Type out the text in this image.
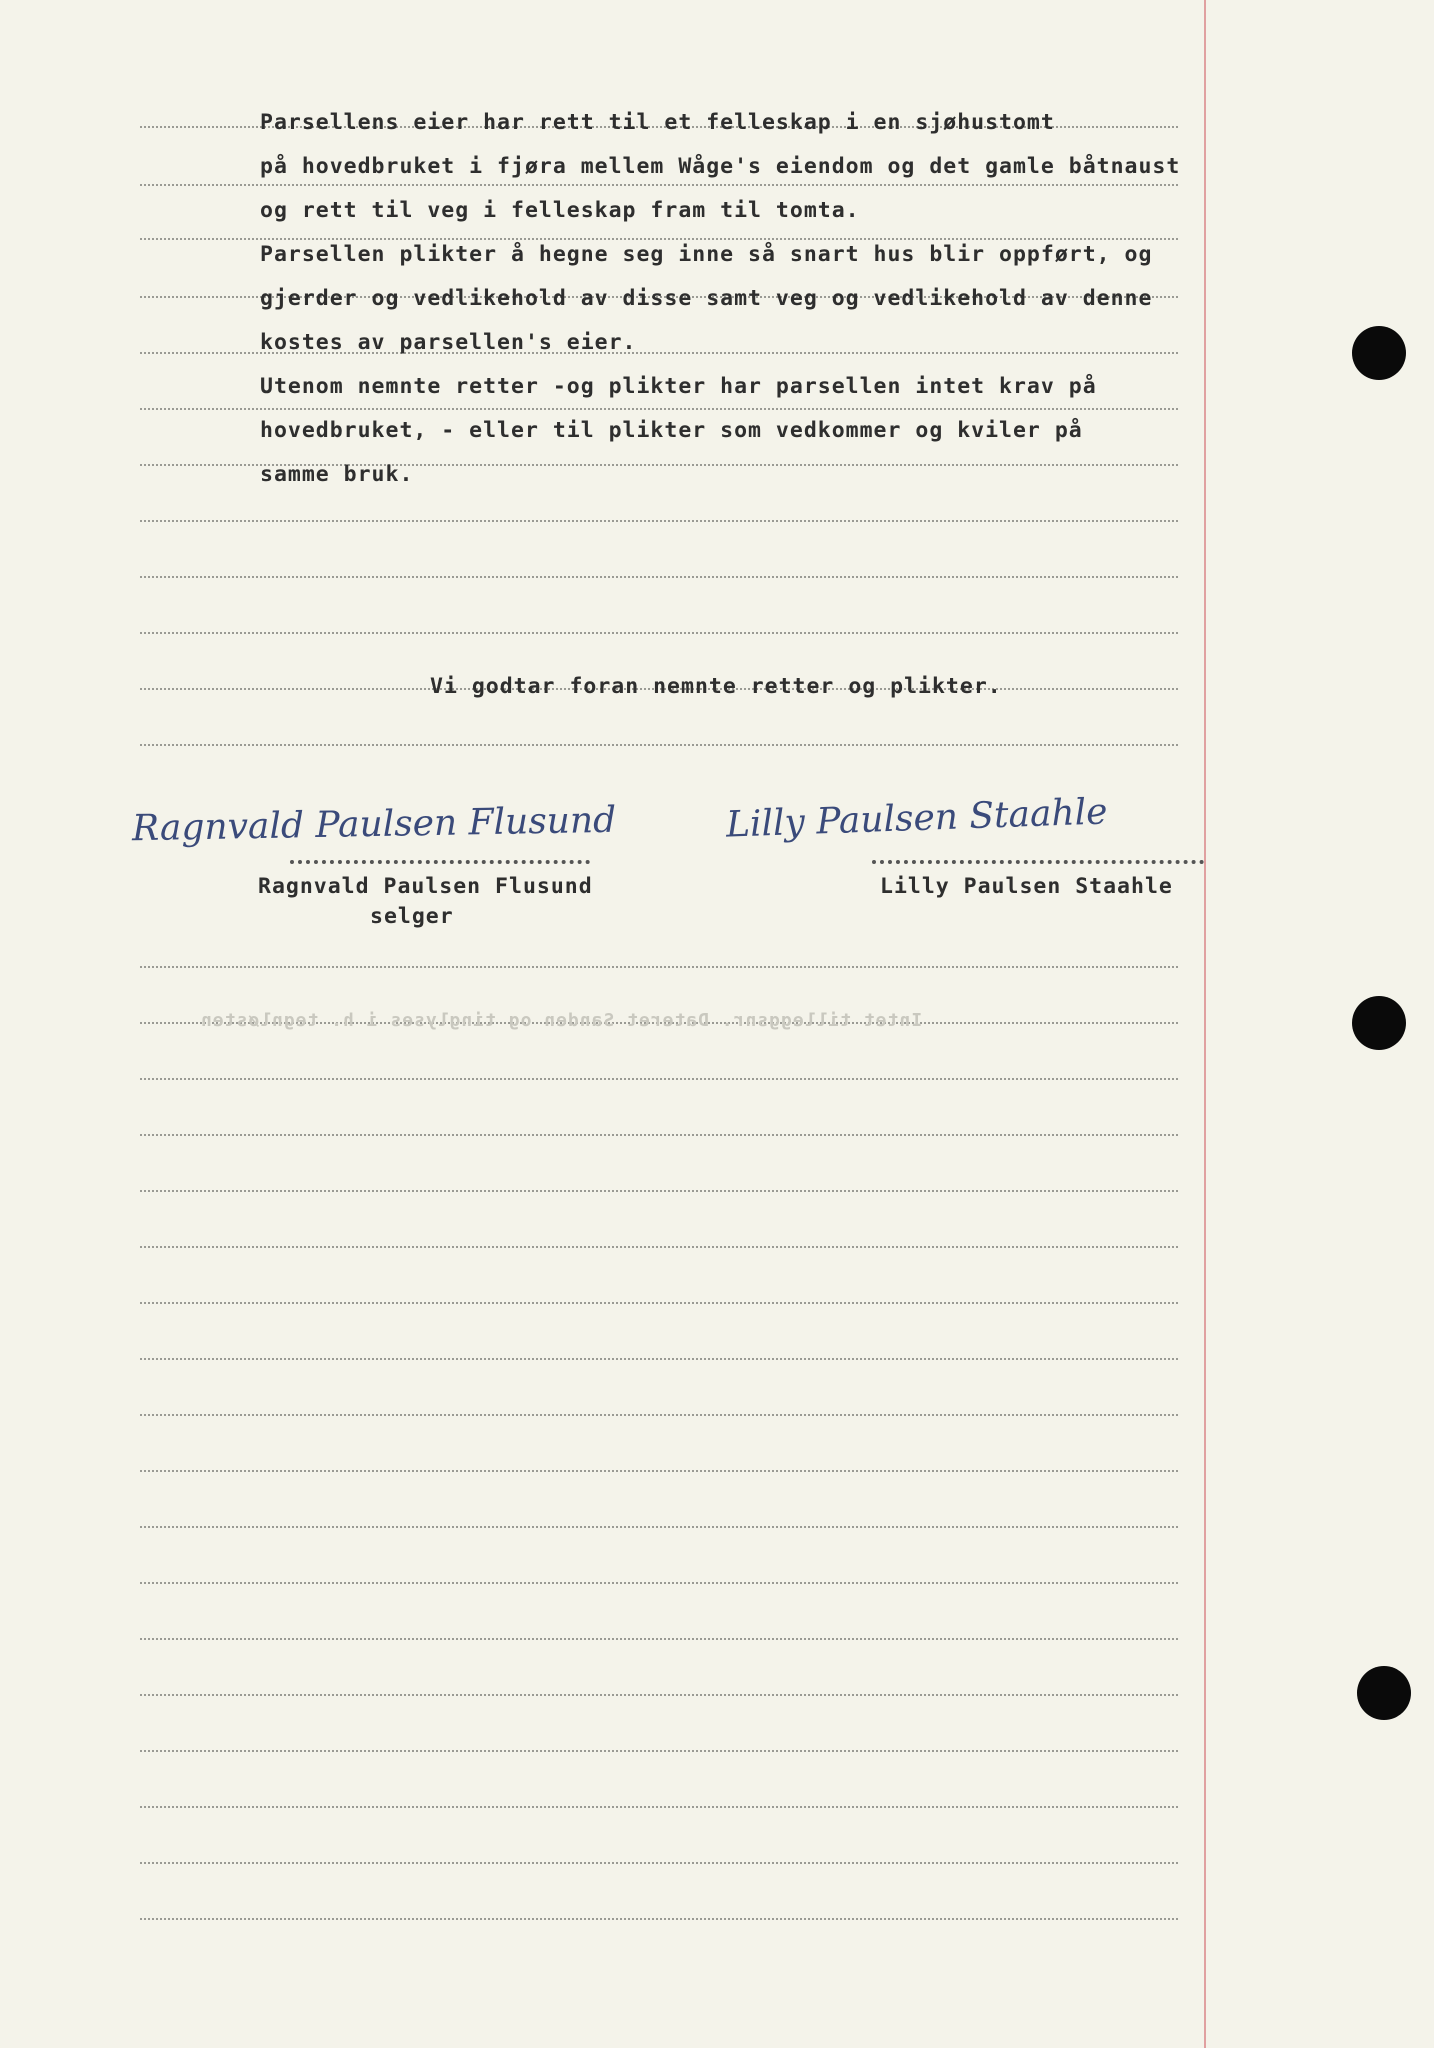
Intet tilleggsnr. Dateret Sanden og tinglyses i h. tegnløsten
Parsellens eier har rett til et felleskap i en sjøhustomt
på hovedbruket i fjøra mellem Wåge's eiendom og det gamle båtnaust
og rett til veg i felleskap fram til tomta.
Parsellen plikter å hegne seg inne så snart hus blir oppført, og
gjerder og vedlikehold av disse samt veg og vedlikehold av denne
kostes av parsellen's eier.
Utenom nemnte retter -og plikter har parsellen intet krav på
hovedbruket, - eller til plikter som vedkommer og kviler på
samme bruk.
Vi godtar foran nemnte retter og plikter.
Ragnvald Paulsen Flusund	Lilly Paulsen Staahle
Ragnvald Paulsen Flusund
selger
Lilly Paulsen Staahle
